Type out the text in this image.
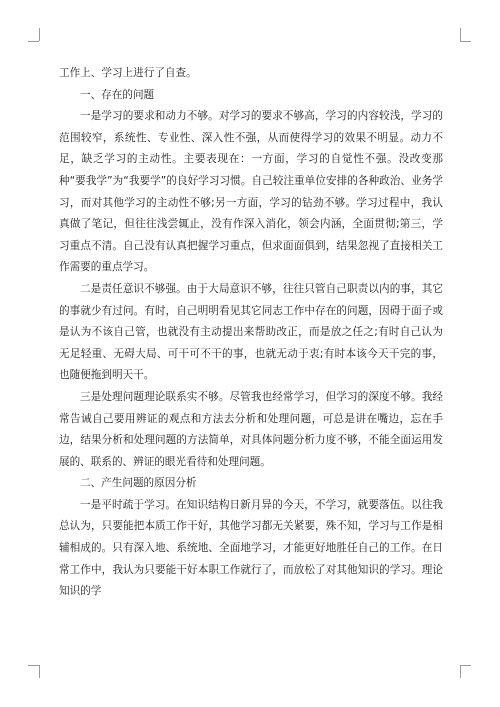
工作上、学习上进行了自查。

一、存在的问题

一是学习的要求和动力不够。对学习的要求不够高，学习的内容较浅，学习的范围较窄，系统性、专业性、深入性不强，从而使得学习的效果不明显。动力不足，缺乏学习的主动性。主要表现在：一方面，学习的自觉性不强。没改变那种“要我学”为“我要学”的良好学习习惯。自己较注重单位安排的各种政治、业务学习，而对其他学习的主动性不够;另一方面，学习的钻劲不够。学习过程中，我认真做了笔记，但往往浅尝辄止，没有作深入消化，领会内涵，全面贯彻;第三，学习重点不清。自己没有认真把握学习重点，但求面面俱到，结果忽视了直接相关工作需要的重点学习。

二是责任意识不够强。由于大局意识不够，往往只管自己职责以内的事，其它的事就少有过问。有时，自己明明看见其它同志工作中存在的问题，因碍于面子或是认为不该自己管，也就没有主动提出来帮助改正，而是放之任之;有时自己认为无足轻重、无碍大局、可干可不干的事，也就无动于衷;有时本该今天干完的事，也随便拖到明天干。

三是处理问题理论联系实不够。尽管我也经常学习，但学习的深度不够。我经常告诫自己要用辨证的观点和方法去分析和处理问题，可总是讲在嘴边，忘在手边，结果分析和处理问题的方法简单，对具体问题分析力度不够，不能全面运用发展的、联系的、辨证的眼光看待和处理问题。

二、产生问题的原因分析

一是平时疏于学习。在知识结构日新月异的今天，不学习，就要落伍。以往我总认为，只要能把本质工作干好，其他学习都无关紧要，殊不知，学习与工作是相辅相成的。只有深入地、系统地、全面地学习，才能更好地胜任自己的工作。在日常工作中，我认为只要能干好本职工作就行了，而放松了对其他知识的学习。理论知识的学
